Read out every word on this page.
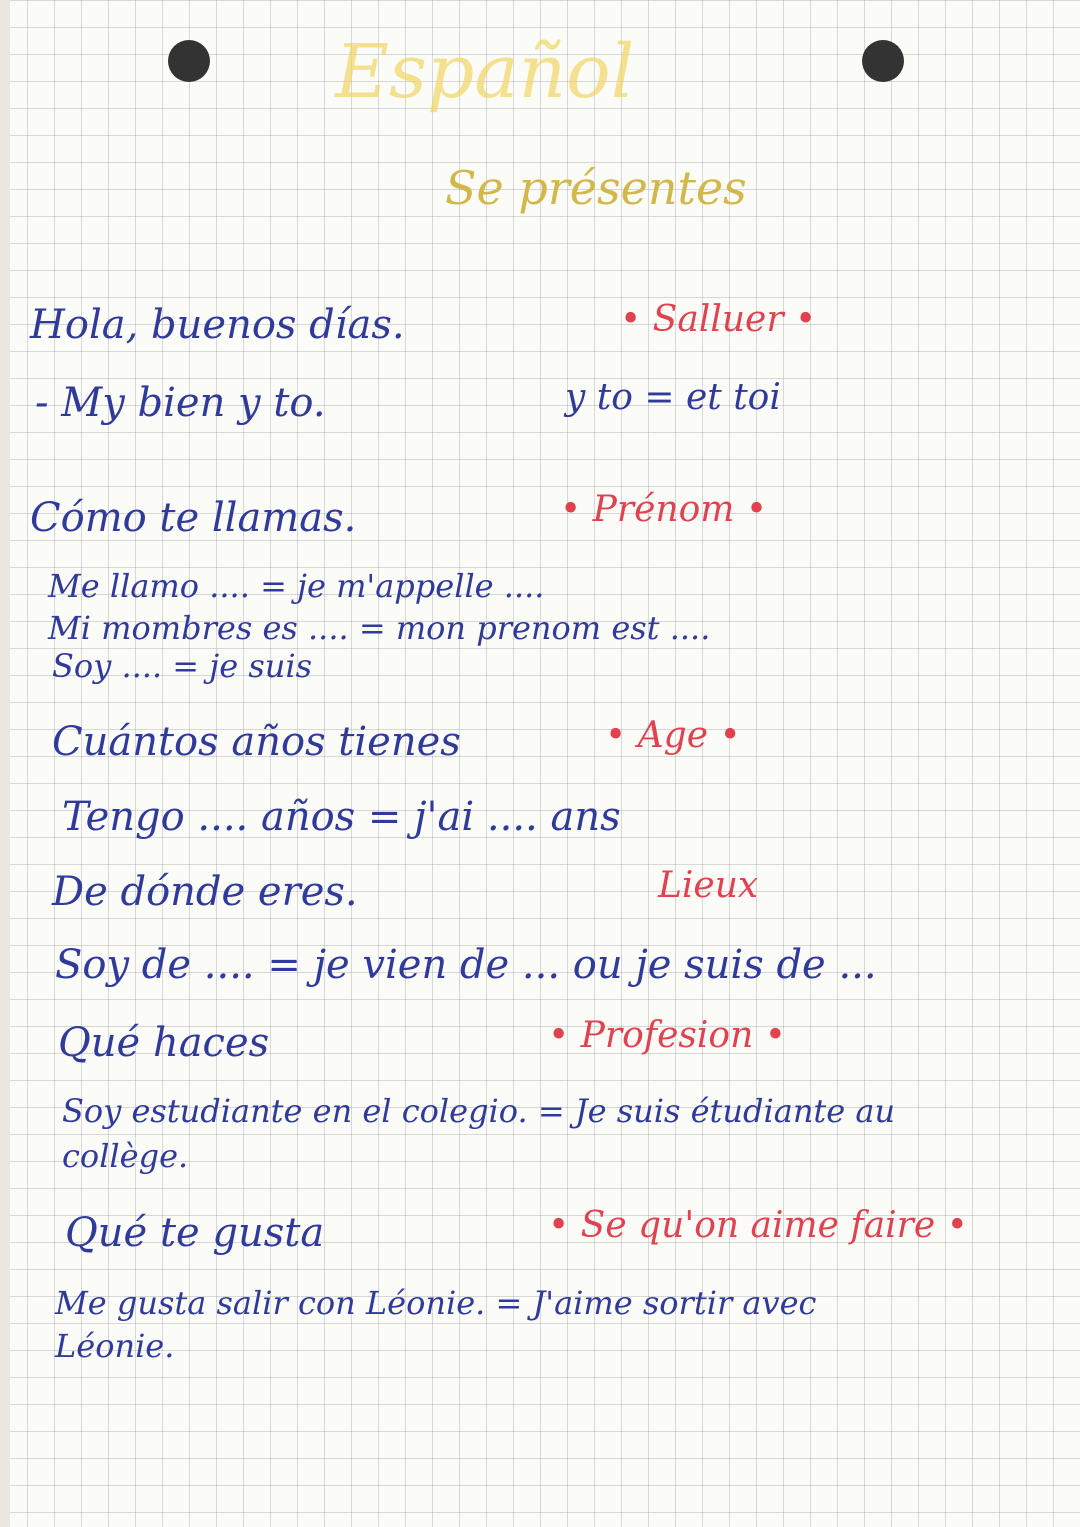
Español
Se présentes
Hola, buenos días.	• Salluer •
- My bien y to.	y to = et toi
Cómo te llamas.	• Prénom •
Me llamo .... = je m'appelle ....
Mi mombres es .... = mon prenom est ....
Soy .... = je suis
Cuántos años tienes	• Age •
Tengo .... años = j'ai .... ans
De dónde eres.	Lieux
Soy de .... = je vien de ... ou je suis de ...
Qué haces	• Profesion •
Soy estudiante en el colegio. = Je suis étudiante au
collège.
Qué te gusta	• Se qu'on aime faire •
Me gusta salir con Léonie. = J'aime sortir avec
Léonie.
